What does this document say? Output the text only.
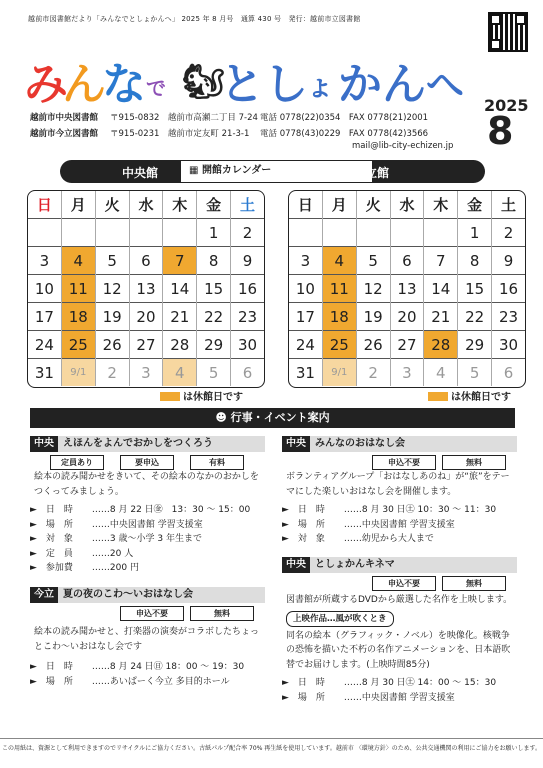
越前市図書館だより「みんなでとしょかんへ」 2025 年 8 月号　通算 430 号　発行：越前市立図書館
み
ん
な で 🐿
と し
ょ か ん へ 2025
8
越前市中央図書館 〒915-0832　越前市高瀬二丁目 7-24 電話 0778(22)0354　FAX 0778(21)2001
越前市今立図書館 〒915-0231　越前市定友町 21-3-1 電話 0778(43)0229　FAX 0778(42)3566
mail@lib-city-echizen.jp
中央館	▦ 開館カレンダー	今立館
日	月	火	水	木	金	土
					1	2
3	4	5	6	7	8	9
10	11	12	13	14	15	16
17	18	19	20	21	22	23
24	25	26	27	28	29	30
31	9/1	2	3	4	5	6
日	月	火	水	木	金	土
					1	2
3	4	5	6	7	8	9
10	11	12	13	14	15	16
17	18	19	20	21	22	23
24	25	26	27	28	29	30
31	9/1	2	3	4	5	6
は休館日です	は休館日です
☻ 行事・イベント案内
中央 えほんをよんでおかしをつくろう
定員あり	要申込	有料
絵本の読み聞かせをきいて、その絵本のなかのおかしを
つくってみましょう。
►　日　時 ……8 月 22 日㊎　13：30 〜 15：00
►　場　所 ……中央図書館 学習支援室
►　対　象 ……3 歳〜小学 3 年生まで
►　定　員 ……20 人
►　参加費 ……200 円
今立 夏の夜のこわ〜いおはなし会
申込不要	無料
絵本の読み聞かせと、打楽器の演奏がコラボしたちょっ
とこわ〜いおはなし会です
►　日　時 ……8 月 24 日㊐ 18：00 〜 19：30
►　場　所 ……あいぱーく今立 多目的ホール
中央 みんなのおはなし会
申込不要	無料
ボランティアグループ「おはなしあのね」が“旅”をテー
マにした楽しいおはなし会を開催します。
►　日　時 ……8 月 30 日㊏ 10：30 〜 11：30
►　場　所 ……中央図書館 学習支援室
►　対　象 ……幼児から大人まで
中央 としょかんキネマ
申込不要	無料
図書館が所蔵するDVDから厳選した名作を上映します。
上映作品…風が吹くとき
同名の絵本（グラフィック・ノベル）を映像化。核戦争
の恐怖を描いた不朽の名作アニメーションを、日本語吹
替でお届けします。(上映時間85分)
►　日　時 ……8 月 30 日㊏ 14：00 〜 15：30
►　場　所 ……中央図書館 学習支援室
この用紙は、資源として利用できますのでリサイクルにご協力ください。古紙パルプ配合率 70% 再生紙を使用しています。越前市 〈環境方針〉のため、公共交通機関の利用にご協力をお願いします。
